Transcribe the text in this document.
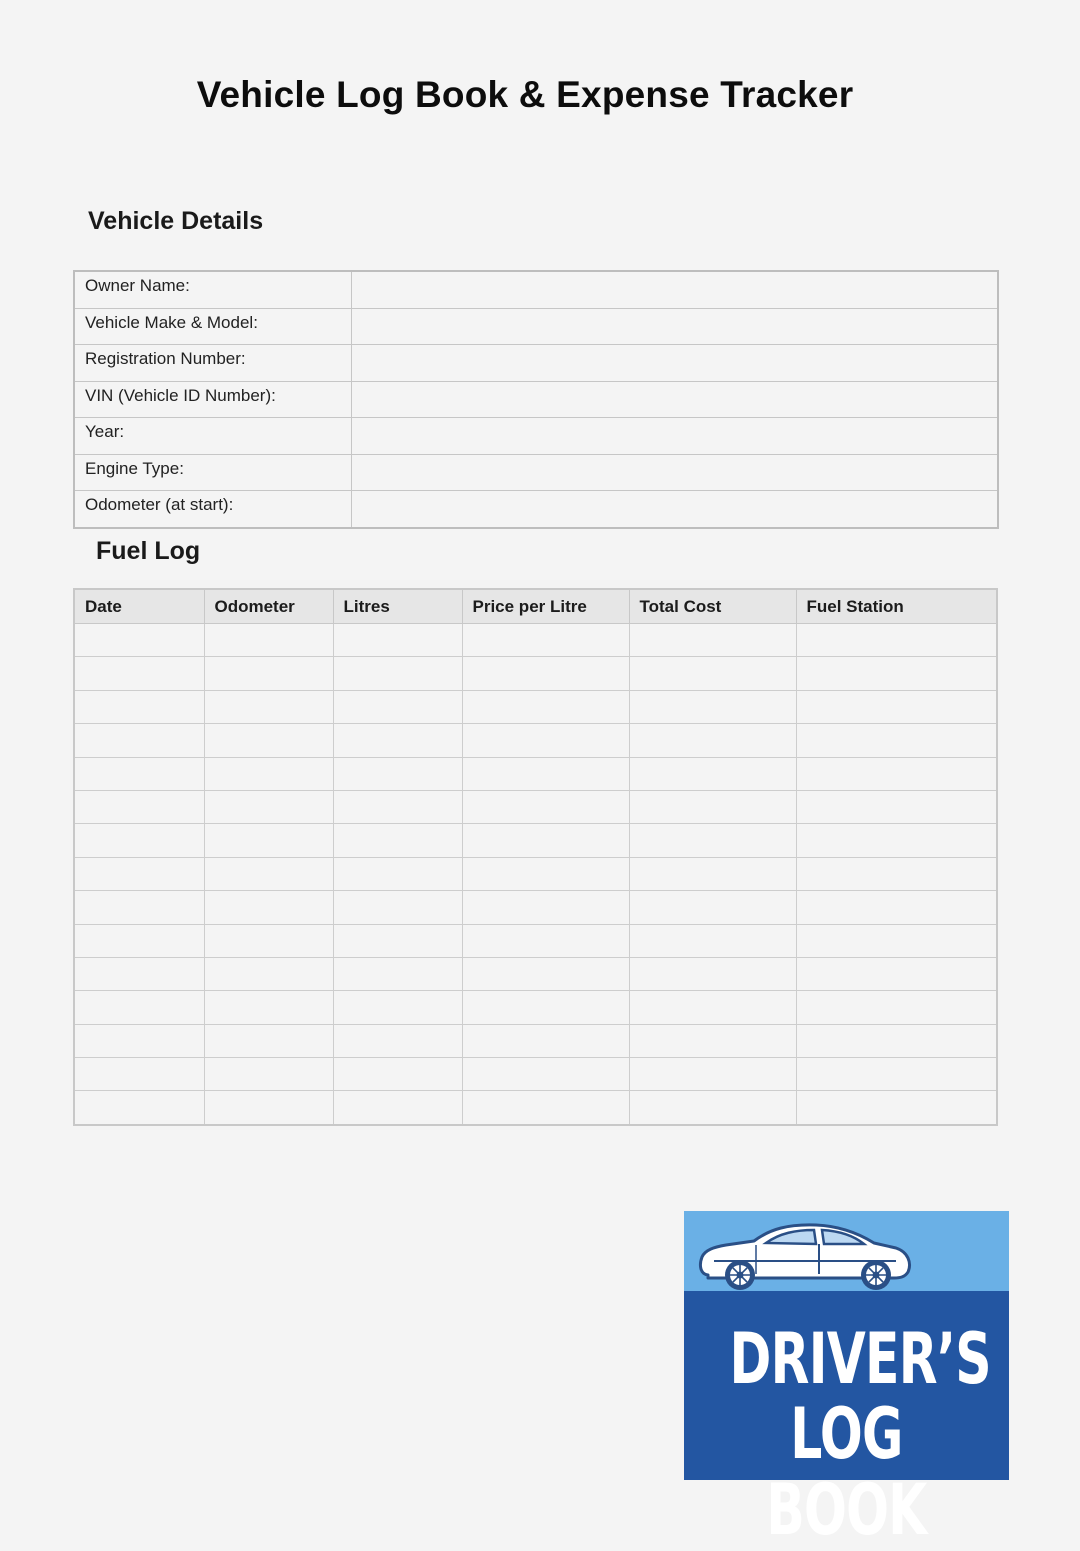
Vehicle Log Book & Expense Tracker
Vehicle Details
Owner Name:	
Vehicle Make & Model:	
Registration Number:	
VIN (Vehicle ID Number):	
Year:	
Engine Type:	
Odometer (at start):	
Fuel Log
Date	Odometer	Litres	Price per Litre	Total Cost	Fuel Station

DRIVER’S
LOG BOOK
